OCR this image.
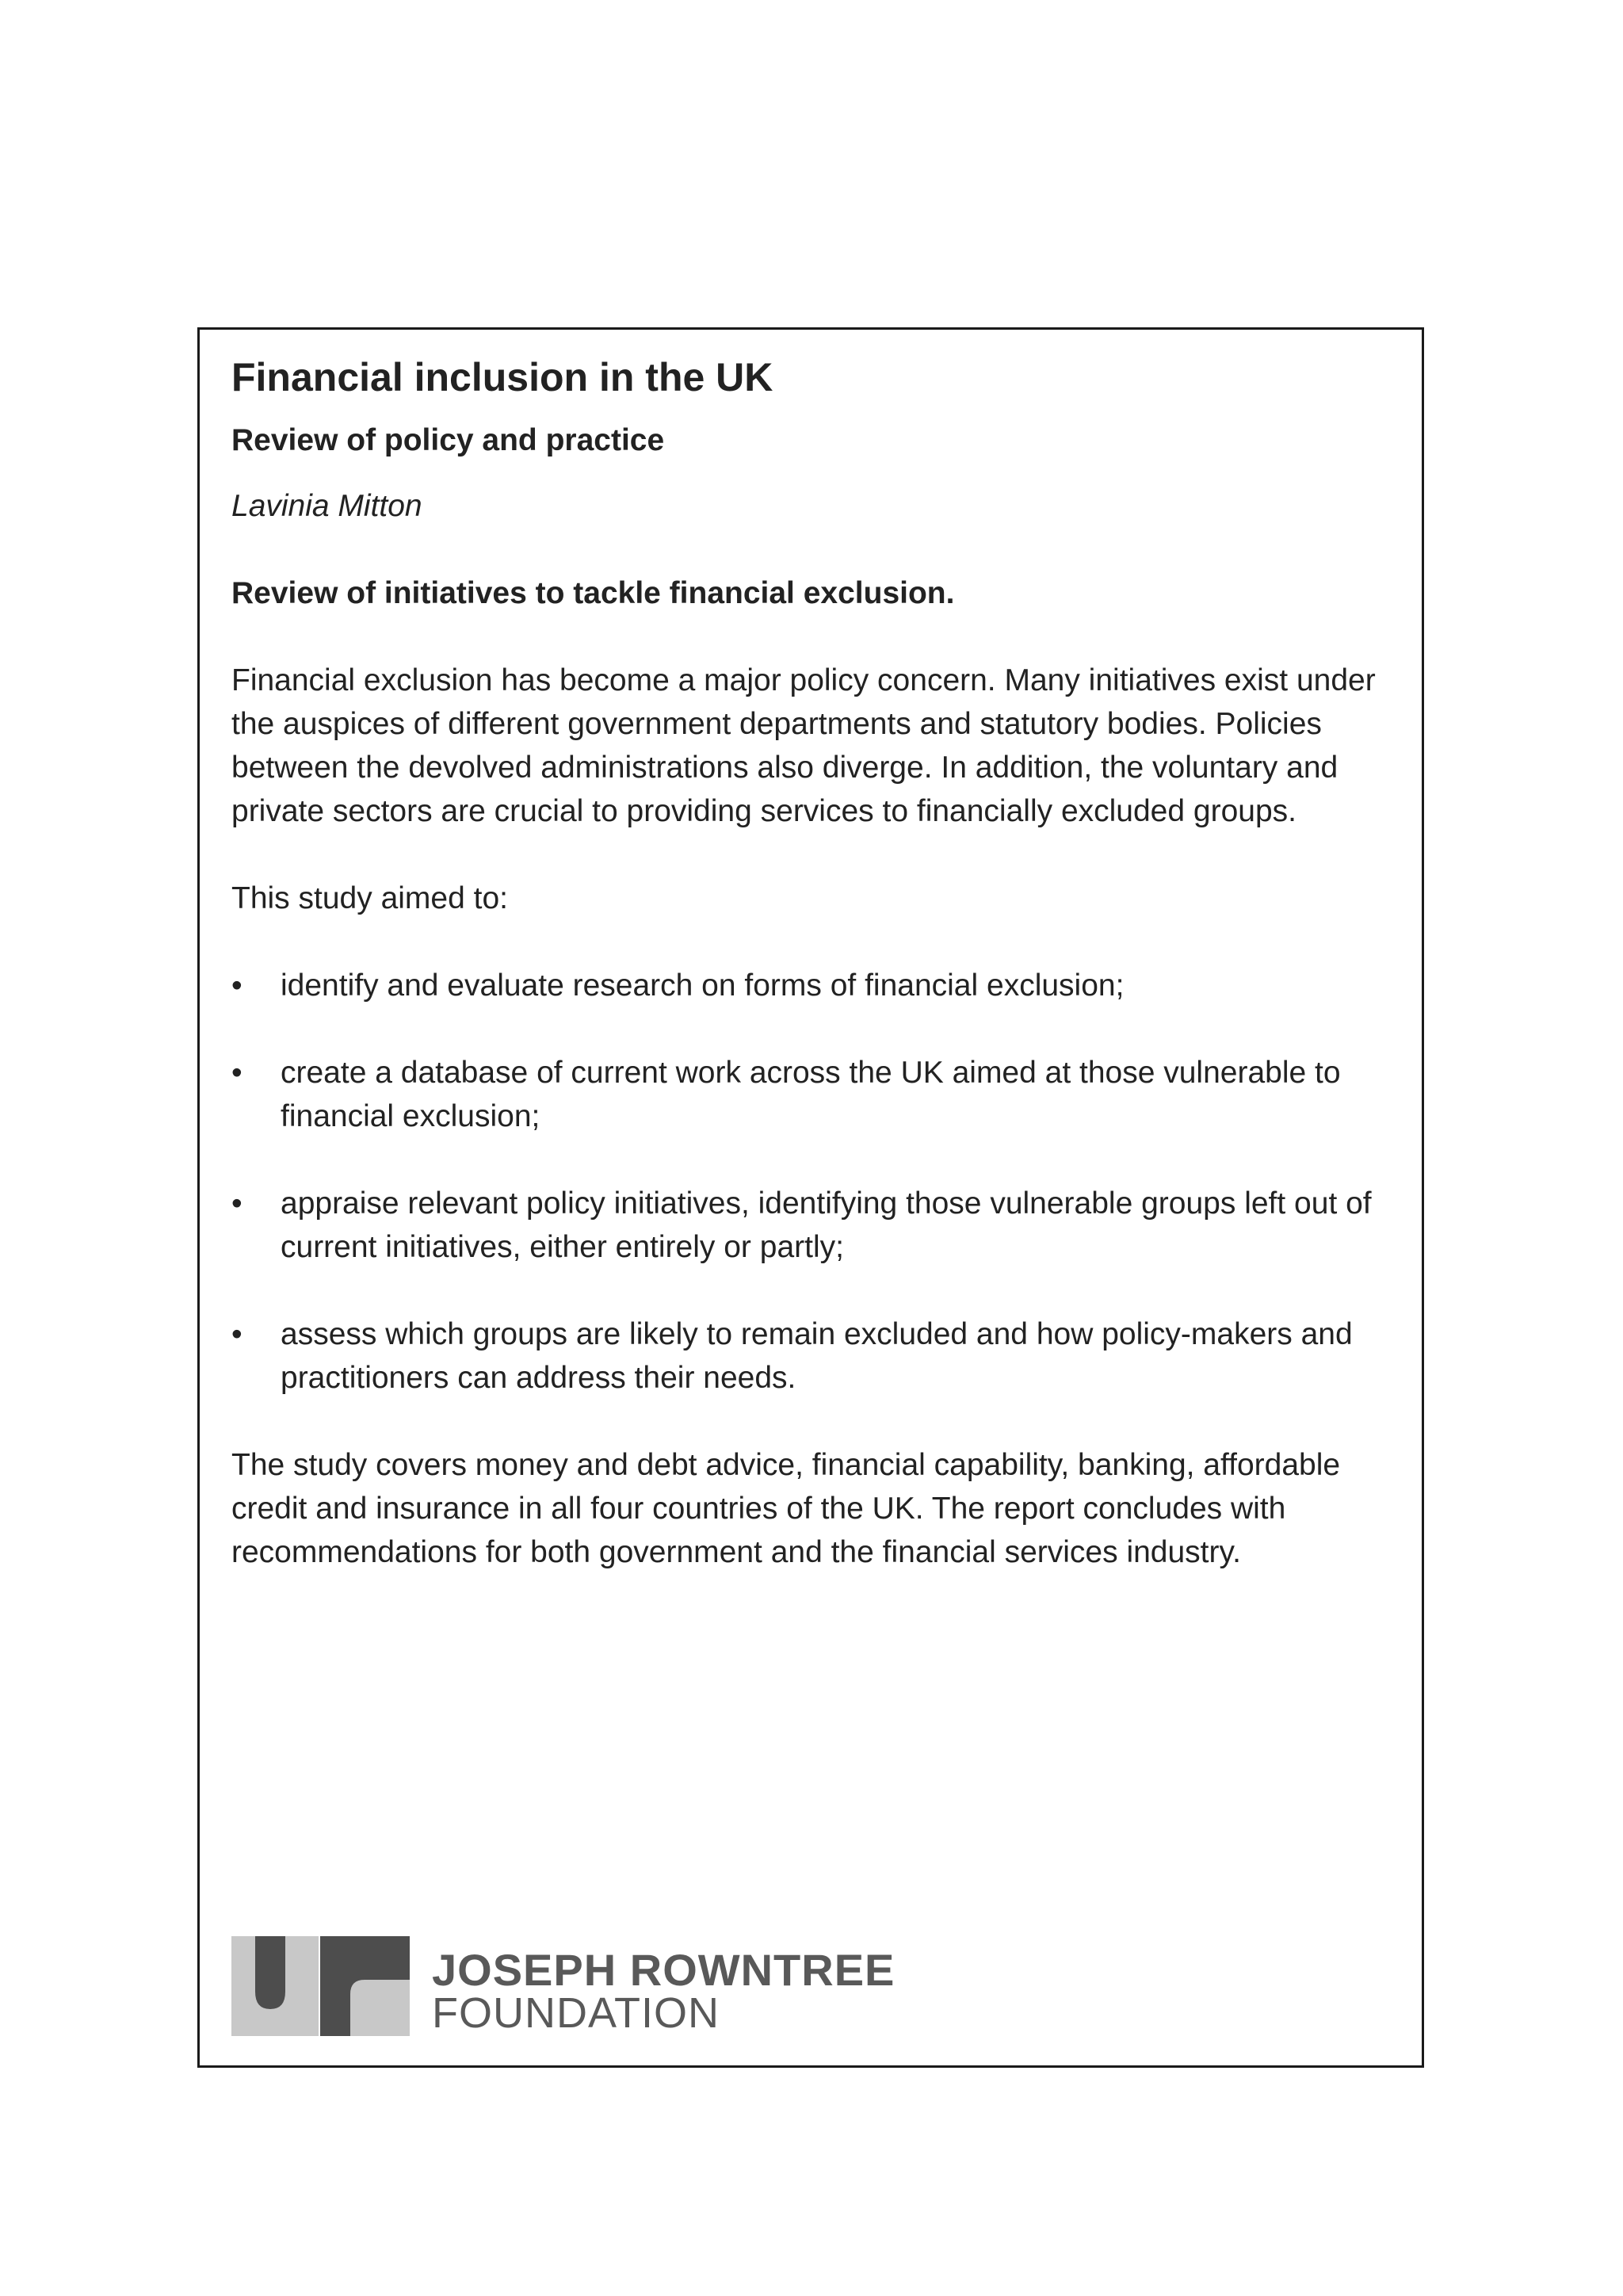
Financial inclusion in the UK

Review of policy and practice

Lavinia Mitton

Review of initiatives to tackle financial exclusion.

Financial exclusion has become a major policy concern. Many initiatives exist under the auspices of different government departments and statutory bodies. Policies between the devolved administrations also diverge. In addition, the voluntary and private sectors are crucial to providing services to financially excluded groups.

This study aimed to:

• identify and evaluate research on forms of financial exclusion;
• create a database of current work across the UK aimed at those vulnerable to financial exclusion;
• appraise relevant policy initiatives, identifying those vulnerable groups left out of current initiatives, either entirely or partly;
• assess which groups are likely to remain excluded and how policy-makers and practitioners can address their needs.

The study covers money and debt advice, financial capability, banking, affordable credit and insurance in all four countries of the UK. The report concludes with recommendations for both government and the financial services industry.

JOSEPH ROWNTREE
FOUNDATION
